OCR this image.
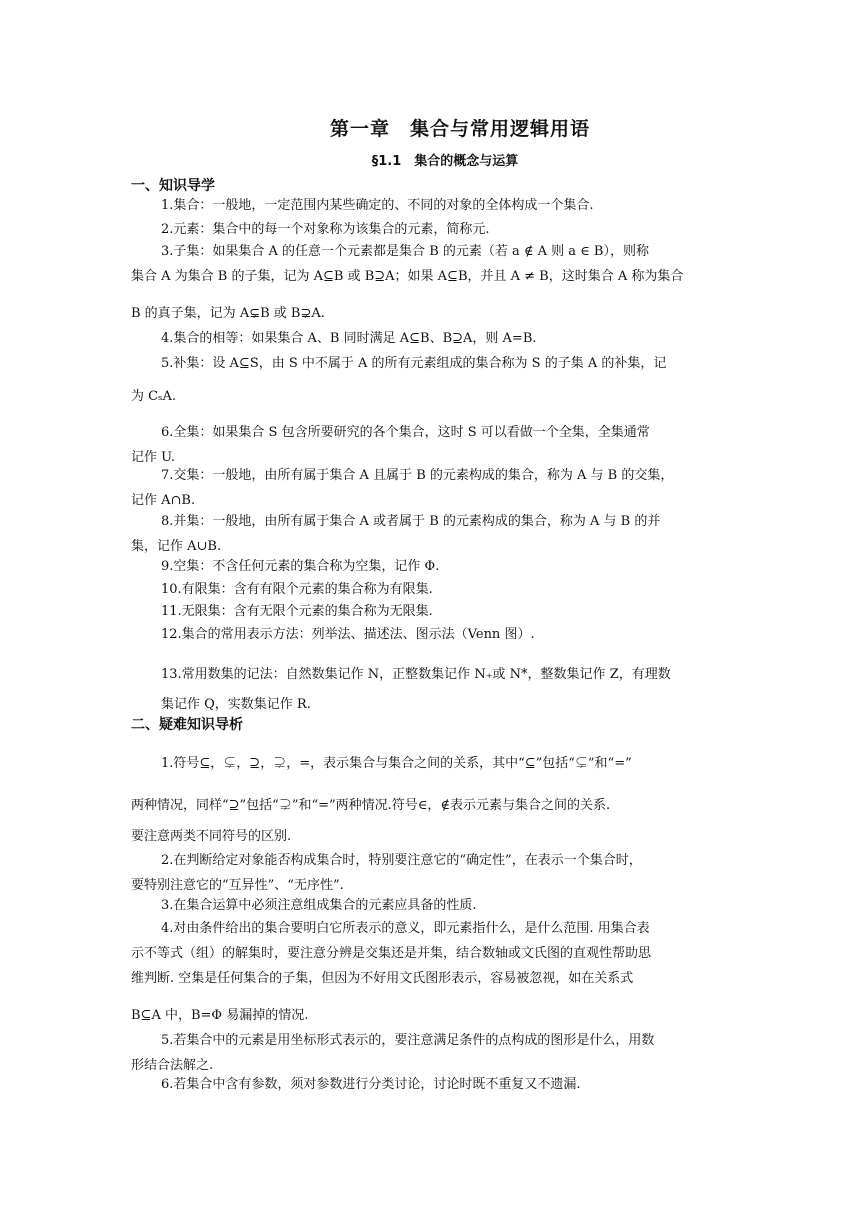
第一章　集合与常用逻辑用语
§1.1　集合的概念与运算
一、知识导学
1.集合：一般地，一定范围内某些确定的、不同的对象的全体构成一个集合.
2.元素：集合中的每一个对象称为该集合的元素，简称元.
3.子集：如果集合 A 的任意一个元素都是集合 B 的元素（若 a ∉ A 则 a ∈ B），则称
集合 A 为集合 B 的子集，记为 A⊆B 或 B⊇A；如果 A⊆B，并且 A ≠ B，这时集合 A 称为集合
B 的真子集，记为 A⊊B 或 B⊋A.
4.集合的相等：如果集合 A、B 同时满足 A⊆B、B⊇A，则 A=B.
5.补集：设 A⊆S，由 S 中不属于 A 的所有元素组成的集合称为 S 的子集 A 的补集，记
为 CₛA.
6.全集：如果集合 S 包含所要研究的各个集合，这时 S 可以看做一个全集，全集通常
记作 U.
7.交集：一般地，由所有属于集合 A 且属于 B 的元素构成的集合，称为 A 与 B 的交集，
记作 A∩B.
8.并集：一般地，由所有属于集合 A 或者属于 B 的元素构成的集合，称为 A 与 B 的并
集，记作 A∪B.
9.空集：不含任何元素的集合称为空集，记作 Φ.
10.有限集：含有有限个元素的集合称为有限集.
11.无限集：含有无限个元素的集合称为无限集.
12.集合的常用表示方法：列举法、描述法、图示法（Venn 图）.
13.常用数集的记法：自然数集记作 N，正整数集记作 N₊或 N*，整数集记作 Z，有理数
集记作 Q，实数集记作 R.
二、疑难知识导析
1.符号⊆，⊊，⊇，⊋，=，表示集合与集合之间的关系，其中“⊆”包括“⊊”和“=”
两种情况，同样“⊇”包括“⊋”和“=”两种情况.符号∈，∉表示元素与集合之间的关系.
要注意两类不同符号的区别.
2.在判断给定对象能否构成集合时，特别要注意它的“确定性”，在表示一个集合时，
要特别注意它的“互异性”、“无序性”.
3.在集合运算中必须注意组成集合的元素应具备的性质.
4.对由条件给出的集合要明白它所表示的意义，即元素指什么，是什么范围. 用集合表
示不等式（组）的解集时，要注意分辨是交集还是并集，结合数轴或文氏图的直观性帮助思
维判断. 空集是任何集合的子集，但因为不好用文氏图形表示，容易被忽视，如在关系式
B⊆A 中，B=Φ 易漏掉的情况.
5.若集合中的元素是用坐标形式表示的，要注意满足条件的点构成的图形是什么，用数
形结合法解之.
6.若集合中含有参数，须对参数进行分类讨论，讨论时既不重复又不遗漏.
